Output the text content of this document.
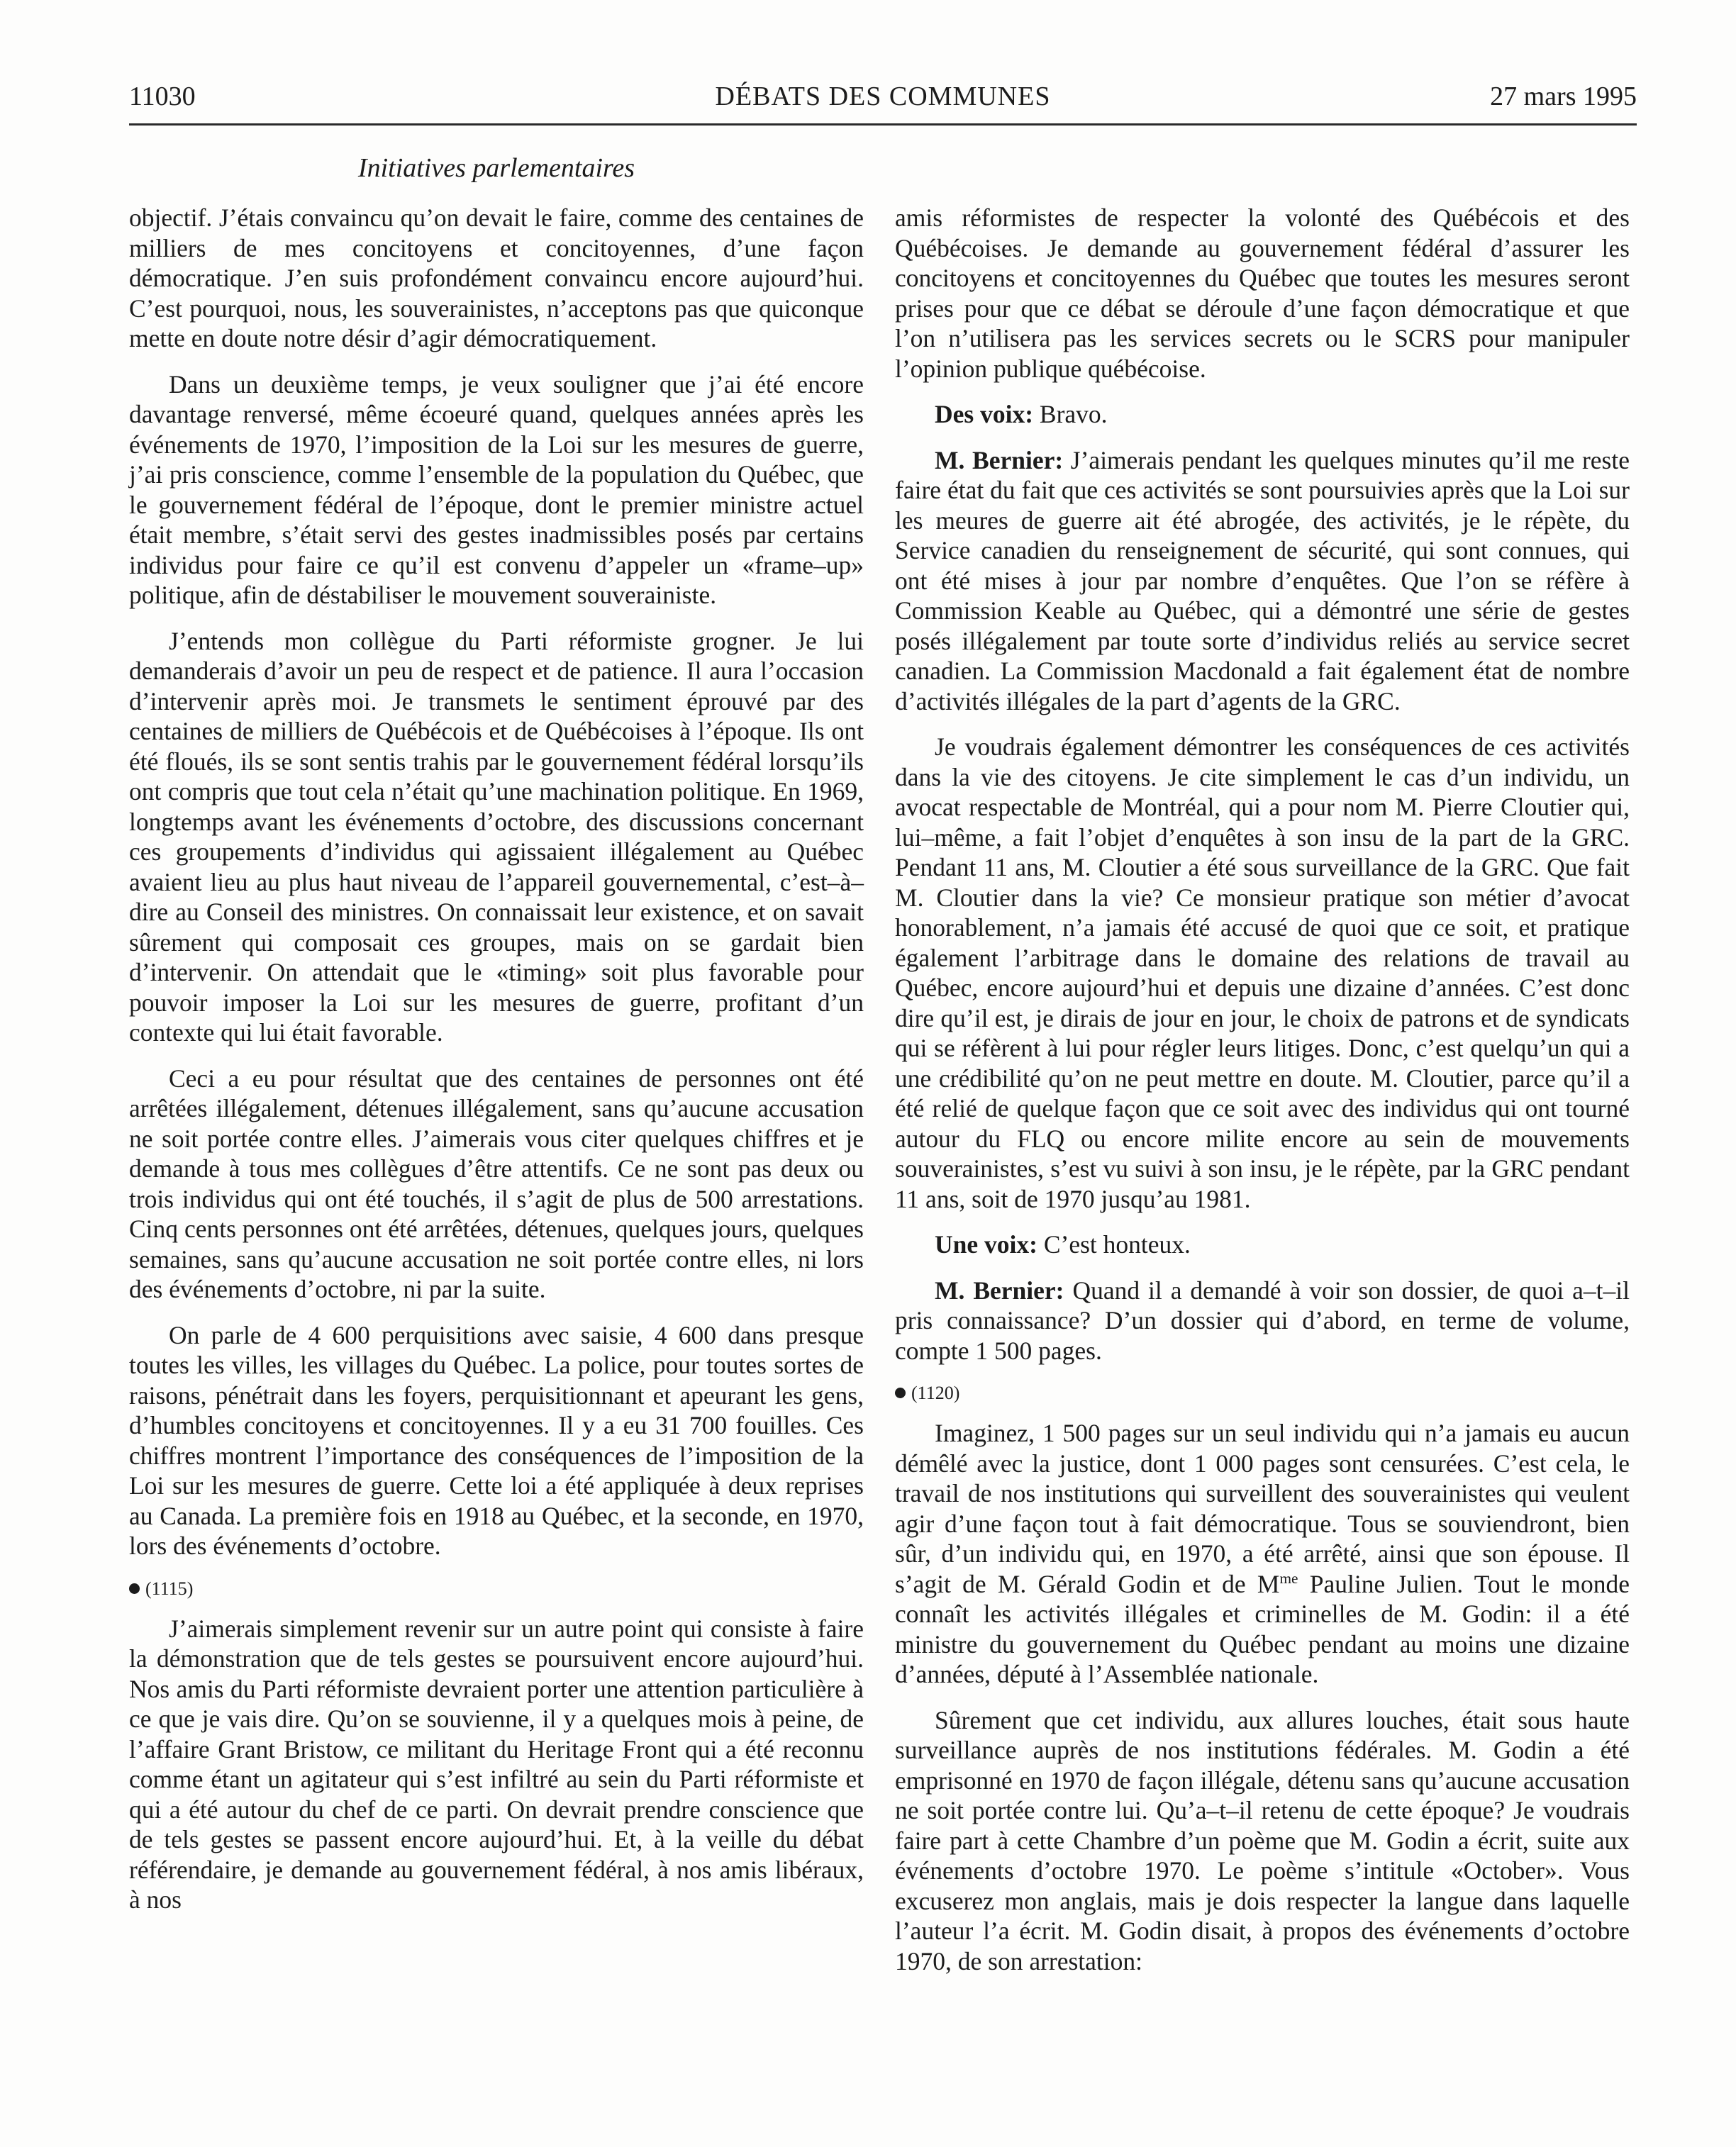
11030	DÉBATS DES COMMUNES	27 mars 1995
Initiatives parlementaires

objectif. J’étais convaincu qu’on devait le faire, comme des centaines de milliers de mes concitoyens et concitoyennes, d’une façon démocratique. J’en suis profondément convaincu encore aujourd’hui. C’est pourquoi, nous, les souverainistes, n’acceptons pas que quiconque mette en doute notre désir d’agir démocratiquement.

Dans un deuxième temps, je veux souligner que j’ai été encore davantage renversé, même écoeuré quand, quelques années après les événements de 1970, l’imposition de la Loi sur les mesures de guerre, j’ai pris conscience, comme l’ensemble de la population du Québec, que le gouvernement fédéral de l’époque, dont le premier ministre actuel était membre, s’était servi des gestes inadmissibles posés par certains individus pour faire ce qu’il est convenu d’appeler un «frame–up» politique, afin de déstabiliser le mouvement souverainiste.

J’entends mon collègue du Parti réformiste grogner. Je lui demanderais d’avoir un peu de respect et de patience. Il aura l’occasion d’intervenir après moi. Je transmets le sentiment éprouvé par des centaines de milliers de Québécois et de Québécoises à l’époque. Ils ont été floués, ils se sont sentis trahis par le gouvernement fédéral lorsqu’ils ont compris que tout cela n’était qu’une machination politique. En 1969, longtemps avant les événements d’octobre, des discussions concernant ces groupements d’individus qui agissaient illégalement au Québec avaient lieu au plus haut niveau de l’appareil gouvernemental, c’est–à–dire au Conseil des ministres. On connaissait leur existence, et on savait sûrement qui composait ces groupes, mais on se gardait bien d’intervenir. On attendait que le «timing» soit plus favorable pour pouvoir imposer la Loi sur les mesures de guerre, profitant d’un contexte qui lui était favorable.

Ceci a eu pour résultat que des centaines de personnes ont été arrêtées illégalement, détenues illégalement, sans qu’aucune accusation ne soit portée contre elles. J’aimerais vous citer quelques chiffres et je demande à tous mes collègues d’être attentifs. Ce ne sont pas deux ou trois individus qui ont été touchés, il s’agit de plus de 500 arrestations. Cinq cents personnes ont été arrêtées, détenues, quelques jours, quelques semaines, sans qu’aucune accusation ne soit portée contre elles, ni lors des événements d’octobre, ni par la suite.

On parle de 4 600 perquisitions avec saisie, 4 600 dans presque toutes les villes, les villages du Québec. La police, pour toutes sortes de raisons, pénétrait dans les foyers, perquisitionnant et apeurant les gens, d’humbles concitoyens et concitoyennes. Il y a eu 31 700 fouilles. Ces chiffres montrent l’importance des conséquences de l’imposition de la Loi sur les mesures de guerre. Cette loi a été appliquée à deux reprises au Canada. La première fois en 1918 au Québec, et la seconde, en 1970, lors des événements d’octobre.

(1115)

J’aimerais simplement revenir sur un autre point qui consiste à faire la démonstration que de tels gestes se poursuivent encore aujourd’hui. Nos amis du Parti réformiste devraient porter une attention particulière à ce que je vais dire. Qu’on se souvienne, il y a quelques mois à peine, de l’affaire Grant Bristow, ce militant du Heritage Front qui a été reconnu comme étant un agitateur qui s’est infiltré au sein du Parti réformiste et qui a été autour du chef de ce parti. On devrait prendre conscience que de tels gestes se passent encore aujourd’hui. Et, à la veille du débat référendaire, je demande au gouvernement fédéral, à nos amis libéraux, à nos

amis réformistes de respecter la volonté des Québécois et des Québécoises. Je demande au gouvernement fédéral d’assurer les concitoyens et concitoyennes du Québec que toutes les mesures seront prises pour que ce débat se déroule d’une façon démocratique et que l’on n’utilisera pas les services secrets ou le SCRS pour manipuler l’opinion publique québécoise.

Des voix: Bravo.

M. Bernier: J’aimerais pendant les quelques minutes qu’il me reste faire état du fait que ces activités se sont poursuivies après que la Loi sur les meures de guerre ait été abrogée, des activités, je le répète, du Service canadien du renseignement de sécurité, qui sont connues, qui ont été mises à jour par nombre d’enquêtes. Que l’on se réfère à Commission Keable au Québec, qui a démontré une série de gestes posés illégalement par toute sorte d’individus reliés au service secret canadien. La Commission Macdonald a fait également état de nombre d’activités illégales de la part d’agents de la GRC.

Je voudrais également démontrer les conséquences de ces activités dans la vie des citoyens. Je cite simplement le cas d’un individu, un avocat respectable de Montréal, qui a pour nom M. Pierre Cloutier qui, lui–même, a fait l’objet d’enquêtes à son insu de la part de la GRC. Pendant 11 ans, M. Cloutier a été sous surveillance de la GRC. Que fait M. Cloutier dans la vie? Ce monsieur pratique son métier d’avocat honorablement, n’a jamais été accusé de quoi que ce soit, et pratique également l’arbitrage dans le domaine des relations de travail au Québec, encore aujourd’hui et depuis une dizaine d’années. C’est donc dire qu’il est, je dirais de jour en jour, le choix de patrons et de syndicats qui se réfèrent à lui pour régler leurs litiges. Donc, c’est quelqu’un qui a une crédibilité qu’on ne peut mettre en doute. M. Cloutier, parce qu’il a été relié de quelque façon que ce soit avec des individus qui ont tourné autour du FLQ ou encore milite encore au sein de mouvements souverainistes, s’est vu suivi à son insu, je le répète, par la GRC pendant 11 ans, soit de 1970 jusqu’au 1981.

Une voix: C’est honteux.

M. Bernier: Quand il a demandé à voir son dossier, de quoi a–t–il pris connaissance? D’un dossier qui d’abord, en terme de volume, compte 1 500 pages.

(1120)

Imaginez, 1 500 pages sur un seul individu qui n’a jamais eu aucun démêlé avec la justice, dont 1 000 pages sont censurées. C’est cela, le travail de nos institutions qui surveillent des souverainistes qui veulent agir d’une façon tout à fait démocratique. Tous se souviendront, bien sûr, d’un individu qui, en 1970, a été arrêté, ainsi que son épouse. Il s’agit de M. Gérald Godin et de $M^{me}$ Pauline Julien. Tout le monde connaît les activités illégales et criminelles de M. Godin: il a été ministre du gouvernement du Québec pendant au moins une dizaine d’années, député à l’Assemblée nationale.

Sûrement que cet individu, aux allures louches, était sous haute surveillance auprès de nos institutions fédérales. M. Godin a été emprisonné en 1970 de façon illégale, détenu sans qu’aucune accusation ne soit portée contre lui. Qu’a–t–il retenu de cette époque? Je voudrais faire part à cette Chambre d’un poème que M. Godin a écrit, suite aux événements d’octobre 1970. Le poème s’intitule «October». Vous excuserez mon anglais, mais je dois respecter la langue dans laquelle l’auteur l’a écrit. M. Godin disait, à propos des événements d’octobre 1970, de son arrestation:
